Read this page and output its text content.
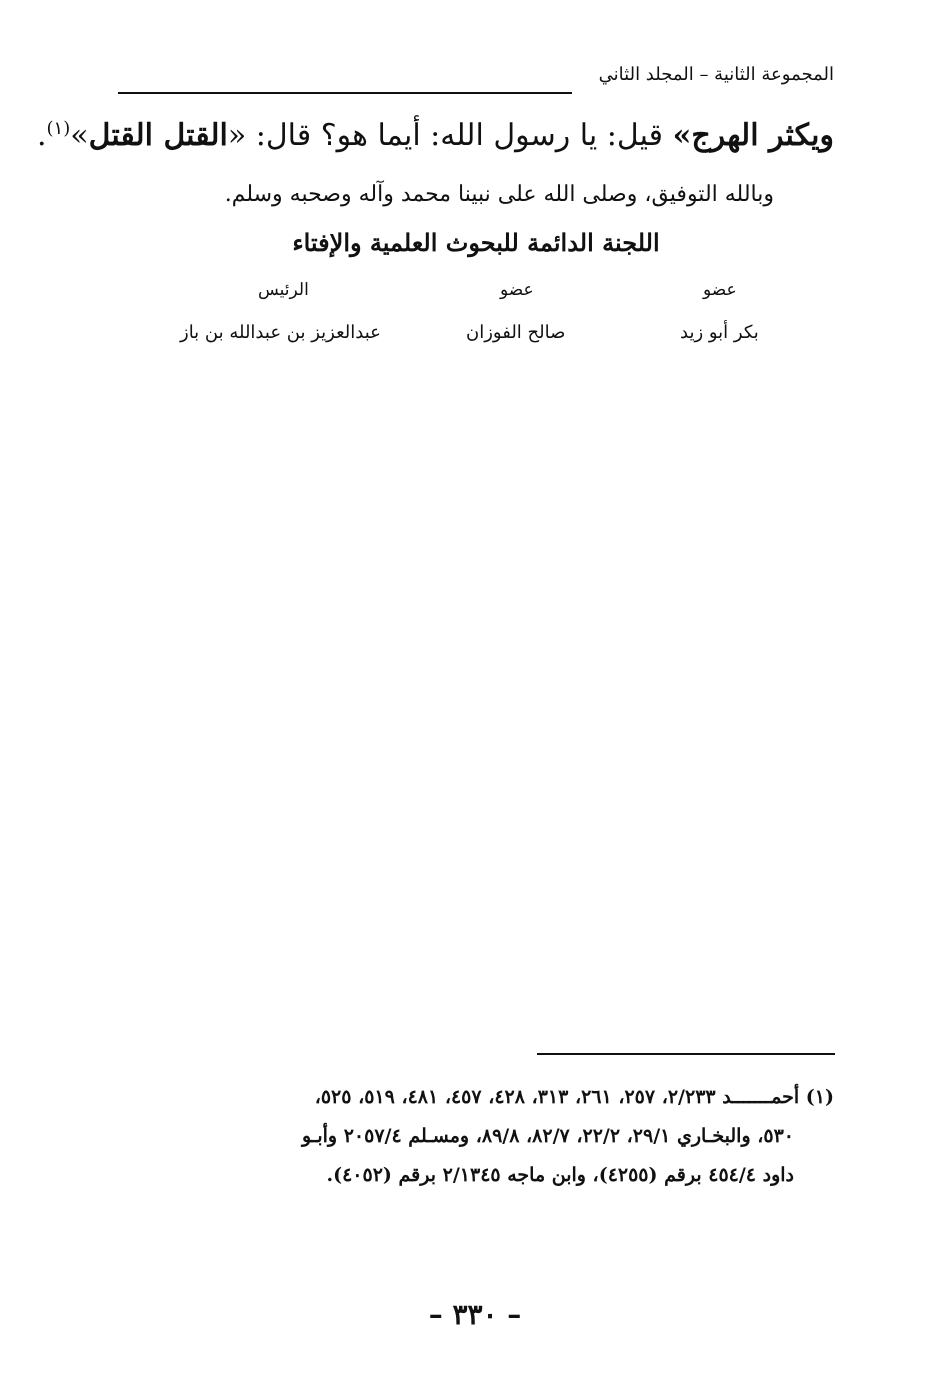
المجموعة الثانية – المجلد الثاني
ويكثر الهرج» قيل: يا رسول الله: أيما هو؟ قال: «القتل القتل»$^{(١)}$.
وبالله التوفيق، وصلى الله على نبينا محمد وآله وصحبه وسلم.
اللجنة الدائمة للبحوث العلمية والإفتاء
عضو
عضو
الرئيس
بكر أبو زيد
صالح الفوزان
عبدالعزيز بن عبدالله بن باز
(١) أحمـــــــد ٢/٢٣٣، ٢٥٧، ٢٦١، ٣١٣، ٤٢٨، ٤٥٧، ٤٨١، ٥١٩، ٥٢٥،
٥٣٠، والبخـاري ٢٩/١، ٢٢/٢، ٨٢/٧، ٨٩/٨، ومسـلم ٢٠٥٧/٤ وأبـو
داود ٤٥٤/٤ برقم (٤٢٥٥)، وابن ماجه ٢/١٣٤٥ برقم (٤٠٥٢).
– ٣٣٠ –
